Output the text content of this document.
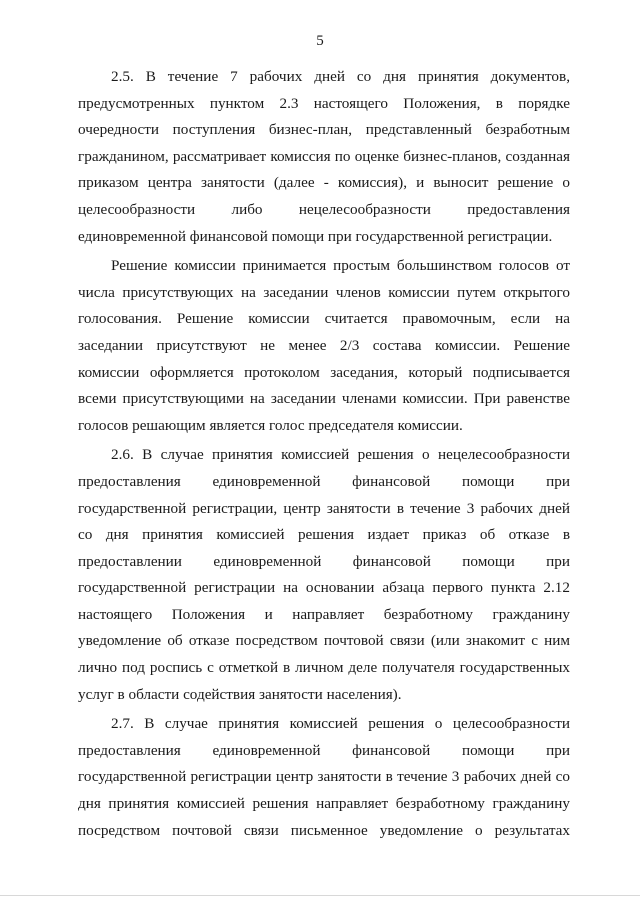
5

2.5. В течение 7 рабочих дней со дня принятия документов,
предусмотренных пунктом 2.3 настоящего Положения, в порядке
очередности поступления бизнес-план, представленный безработным
гражданином, рассматривает комиссия по оценке бизнес-планов, созданная
приказом центра занятости (далее - комиссия), и выносит решение о
целесообразности либо нецелесообразности предоставления
единовременной финансовой помощи при государственной регистрации.

Решение комиссии принимается простым большинством голосов от
числа присутствующих на заседании членов комиссии путем открытого
голосования. Решение комиссии считается правомочным, если на
заседании присутствуют не менее 2/3 состава комиссии. Решение
комиссии оформляется протоколом заседания, который подписывается
всеми присутствующими на заседании членами комиссии. При равенстве
голосов решающим является голос председателя комиссии.

2.6. В случае принятия комиссией решения о нецелесообразности
предоставления единовременной финансовой помощи при
государственной регистрации, центр занятости в течение 3 рабочих дней
со дня принятия комиссией решения издает приказ об отказе в
предоставлении единовременной финансовой помощи при
государственной регистрации на основании абзаца первого пункта 2.12
настоящего Положения и направляет безработному гражданину
уведомление об отказе посредством почтовой связи (или знакомит с ним
лично под роспись с отметкой в личном деле получателя государственных
услуг в области содействия занятости населения).

2.7. В случае принятия комиссией решения о целесообразности
предоставления единовременной финансовой помощи при
государственной регистрации центр занятости в течение 3 рабочих дней со
дня принятия комиссией решения направляет безработному гражданину
посредством почтовой связи письменное уведомление о результатах
